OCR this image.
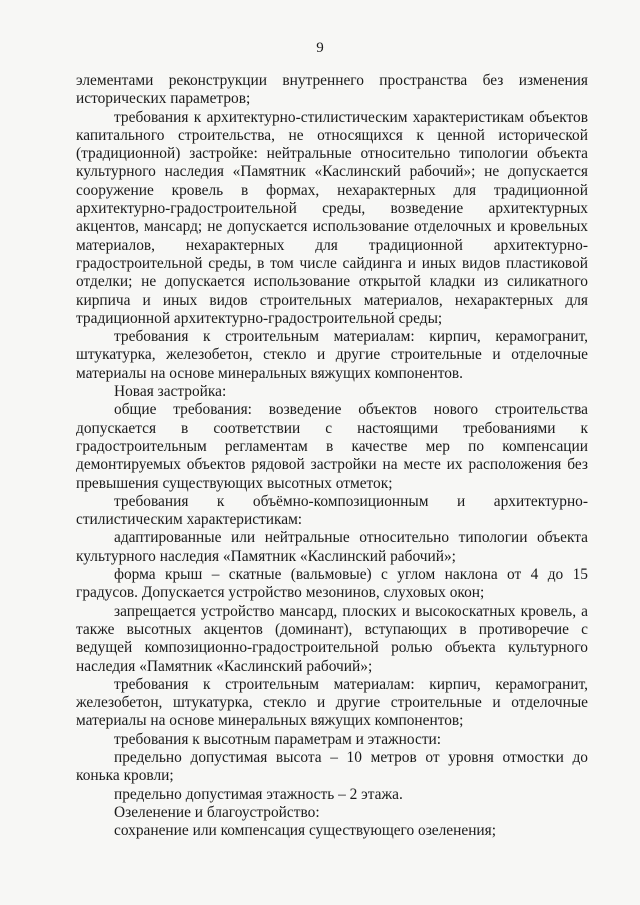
9

элементами реконструкции внутреннего пространства без изменения исторических параметров;

требования к архитектурно-стилистическим характеристикам объектов капитального строительства, не относящихся к ценной исторической (традиционной) застройке: нейтральные относительно типологии объекта культурного наследия «Памятник «Каслинский рабочий»; не допускается сооружение кровель в формах, нехарактерных для традиционной архитектурно-градостроительной среды, возведение архитектурных акцентов, мансард; не допускается использование отделочных и кровельных материалов, нехарактерных для традиционной архитектурно-градостроительной среды, в том числе сайдинга и иных видов пластиковой отделки; не допускается использование открытой кладки из силикатного кирпича и иных видов строительных материалов, нехарактерных для традиционной архитектурно-градостроительной среды;

требования к строительным материалам: кирпич, керамогранит, штукатурка, железобетон, стекло и другие строительные и отделочные материалы на основе минеральных вяжущих компонентов.

Новая застройка:

общие требования: возведение объектов нового строительства допускается в соответствии с настоящими требованиями к градостроительным регламентам в качестве мер по компенсации демонтируемых объектов рядовой застройки на месте их расположения без превышения существующих высотных отметок;

требования к объёмно-композиционным и архитектурно-стилистическим характеристикам:

адаптированные или нейтральные относительно типологии объекта культурного наследия «Памятник «Каслинский рабочий»;

форма крыш – скатные (вальмовые) с углом наклона от 4 до 15 градусов. Допускается устройство мезонинов, слуховых окон;

запрещается устройство мансард, плоских и высокоскатных кровель, а также высотных акцентов (доминант), вступающих в противоречие с ведущей композиционно-градостроительной ролью объекта культурного наследия «Памятник «Каслинский рабочий»;

требования к строительным материалам: кирпич, керамогранит, железобетон, штукатурка, стекло и другие строительные и отделочные материалы на основе минеральных вяжущих компонентов;

требования к высотным параметрам и этажности:

предельно допустимая высота – 10 метров от уровня отмостки до конька кровли;

предельно допустимая этажность – 2 этажа.

Озеленение и благоустройство:

сохранение или компенсация существующего озеленения;
